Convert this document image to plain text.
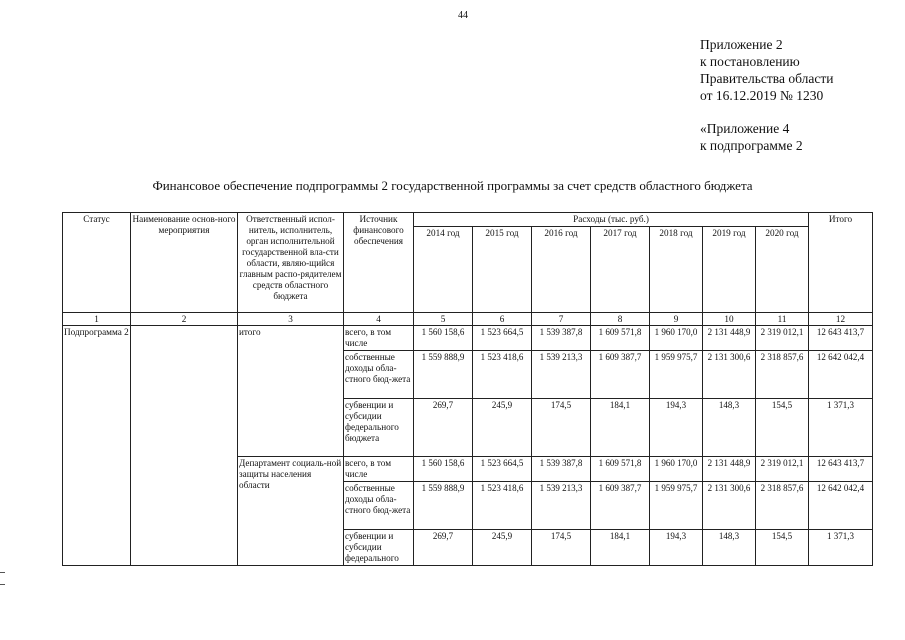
44
Приложение 2
к постановлению
Правительства области
от 16.12.2019 № 1230
«Приложение 4
к подпрограмме 2
Финансовое обеспечение подпрограммы 2 государственной программы за счет средств областного бюджета
Статус	Наименование основ-ного мероприятия	Ответственный испол-нитель, исполнитель, орган исполнительной государственной вла-сти области, являю-щийся главным распо-рядителем средств областного бюджета	Источник финансового обеспечения	Расходы (тыс. руб.)							Итого
				2014 год	2015 год	2016 год	2017 год	2018 год	2019 год	2020 год	
1	2	3	4	5	6	7	8	9	10	11	12
Подпрограмма 2		итого	всего, в том числе	1 560 158,6	1 523 664,5	1 539 387,8	1 609 571,8	1 960 170,0	2 131 448,9	2 319 012,1	12 643 413,7
			собственные доходы обла-стного бюд-жета	1 559 888,9	1 523 418,6	1 539 213,3	1 609 387,7	1 959 975,7	2 131 300,6	2 318 857,6	12 642 042,4
			субвенции и субсидии федерального бюджета	269,7	245,9	174,5	184,1	194,3	148,3	154,5	1 371,3
		Департамент социаль-ной защиты населения области	всего, в том числе	1 560 158,6	1 523 664,5	1 539 387,8	1 609 571,8	1 960 170,0	2 131 448,9	2 319 012,1	12 643 413,7
			собственные доходы обла-стного бюд-жета	1 559 888,9	1 523 418,6	1 539 213,3	1 609 387,7	1 959 975,7	2 131 300,6	2 318 857,6	12 642 042,4
			субвенции и субсидии федерального	269,7	245,9	174,5	184,1	194,3	148,3	154,5	1 371,3
